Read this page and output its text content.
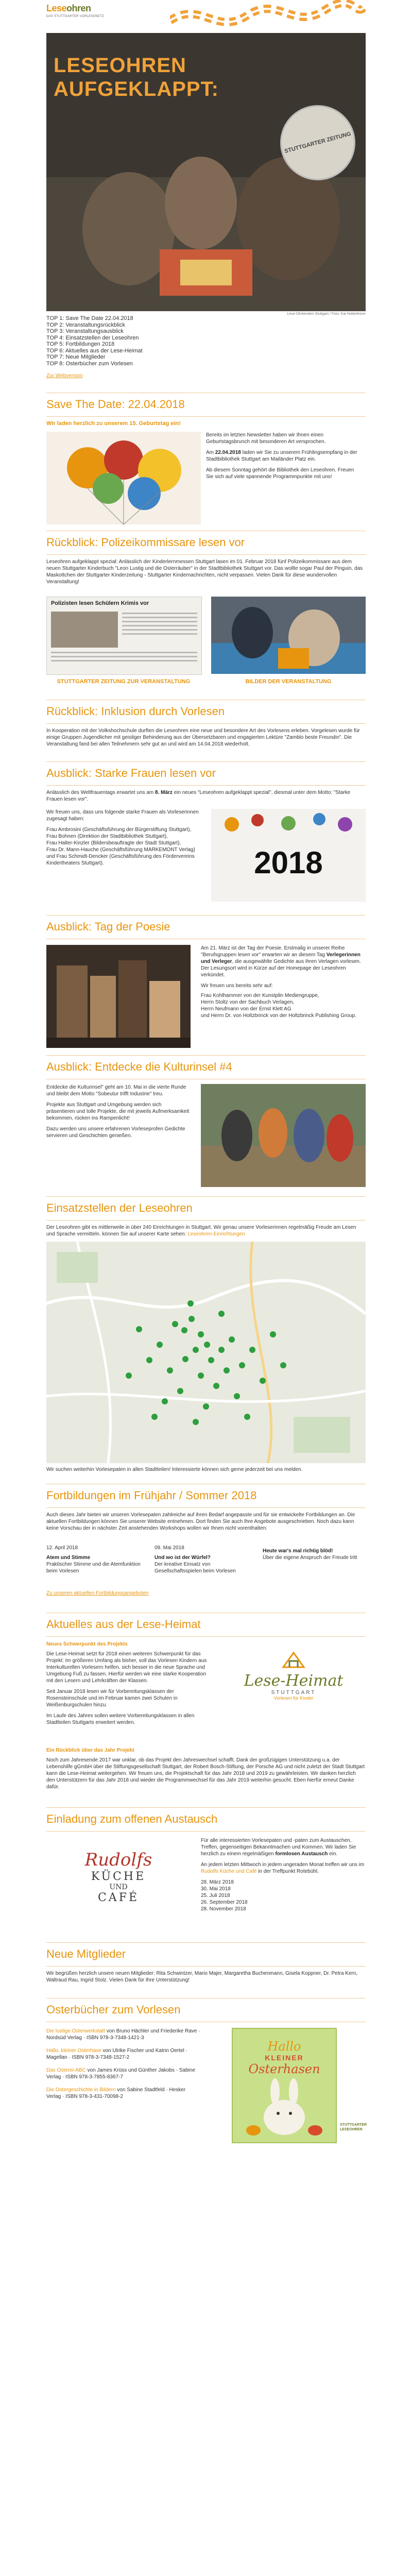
Leseohren
DAS STUTTGARTER VORLESENETZ
LESEOHREN
AUFGEKLAPPT:
STUTTGARTER ZEITUNG
Lese-Ohrkenden Stuttgart / Foto: Kai Hoberleiner
TOP 1: Save The Date 22.04.2018
TOP 2: Veranstaltungsrückblick
TOP 3: Veranstaltungsausblick
TOP 4: Einsatzstellen der Leseohren
TOP 5: Fortbildungen 2018
TOP 6: Aktuelles aus der Lese-Heimat
TOP 7: Neue Mitglieder
TOP 8: Osterbücher zum Vorlesen
Zur Webversion
Save The Date: 22.04.2018
Wir laden herzlich zu unserem 15. Geburtstag ein!

Bereits im letzten Newsletter haben wir Ihnen einen Geburtstagsbrunch mit besonderen Art versprochen.

Am 22.04.2018 laden wir Sie zu unserem Frühlingsempfang in der Stadtbibliothek Stuttgart am Mailänder Platz ein.

Ab diesem Sonntag gehört die Bibliothek den Leseohren. Freuen Sie sich auf viele spannende Programmpunkte mit uns!

Rückblick: Polizeikommissare lesen vor
Leseohren aufgeklappt spezial: Anlässlich der Kinderlernmessen Stuttgart lasen im 01. Februar 2018 fünf Polizeikommissare aus dem neuen Stuttgarter Kinderbuch "Leon Lustig und die Osterräuber" in der Stadtbibliothek Stuttgart vor. Das wollte sogar Paul der Pinguin, das Maskottchen der Stuttgarter Kinderzeitung - Stuttgarter Kindernachrichten, nicht verpassen. Vielen Dank für diese wundervollen Veranstaltung!
Polizisten lesen Schülern Krimis vor
STUTTGARTER ZEITUNG ZUR VERANSTALTUNG	BILDER DER VERANSTALTUNG
Rückblick: Inklusion durch Vorlesen
In Kooperation mit der Volkshochschule durften die Leseohren eine neue und besondere Art des Vorlesens erleben. Vorgelesen wurde für einige Gruppen Jugendlicher mit geistiger Behinderung aus der Übersetzbaren und engagierten Lektüre "Zamblo beste Freundin". Die Veranstaltung fand bei allen Teilnehmern sehr gut an und wird am 14.04.2018 wiederholt.
Ausblick: Starke Frauen lesen vor
Anlässlich des Weltfrauentags erwartet uns am 8. März ein neues "Leseohren aufgeklappt spezial", diesmal unter dem Motto: "Starke Frauen lesen vor".

Wir freuen uns, dass uns folgende starke Frauen als Vorleserinnen zugesagt haben:

Frau Ambrosini (Geschäftsführung der Bürgerstiftung Stuttgart),
Frau Bohnen (Direktion der Stadtbibliothek Stuttgart),
Frau Halter-Kinzler (Bildersbeauftragte der Stadt Stuttgart),
Frau Dr. Mann-Hauche (Geschäftsführung MARKEMONT Verlag)
und Frau Schmidt-Dencker (Geschäftsführung des Fördervereins Kindertheaters Stuttgart).	2018
Ausblick: Tag der Poesie

Am 21. März ist der Tag der Poesie. Erstmalig in unserer Reihe "Berufsgruppen lesen vor" erwarten wir an diesem Tag Verlegerinnen und Verleger, die ausgewählte Gedichte aus ihren Verlagen vorlesen. Der Lesungsort wird in Kürze auf der Homepage der Leseohren verkündet.

Wir freuen uns bereits sehr auf:

Frau Kohlhammer von der Kunstplin Mediengruppe,
Herrn Stoltz von der Sachbuch Verlagen,
Herrn Neufmann von der Ernst Klett AG
und Herrn Dr. von Holtzbrinck von der Holtzbrinck Publishing Group.
Ausblick: Entdecke die Kulturinsel #4

Entdecke die Kulturinsel" geht am 10. Mai in die vierte Runde und bleibt dem Motto "Sobeutur trifft Industrie" treu.

Projekte aus Stuttgart und Umgebung werden sich präsentieren und tolle Projekte, die mit jeweils Aufmerksamkeit bekommen, rücken ins Rampenlicht!

Dazu werden uns unsere erfahrenen Vorleseprofen Gedichte servieren und Geschichten genießen.

Einsatzstellen der Leseohren
Der Leseohren gibt es mittlerweile in über 240 Einrichtungen in Stuttgart. Wir genau unsere Vorleserinnen regelmäßig Freude am Lesen und Sprache vermitteln. können Sie auf unserer Karte sehen: Leseohren-Einrichtungen
Wir suchen weiterhin Vorlesepaten in allen Stadtteilen! Interessierte können sich gerne jederzeit bei uns melden.
Fortbildungen im Frühjahr / Sommer 2018
Auch dieses Jahr bieten wir unseren Vorlesepaten zahlreiche auf ihren Bedarf angepasste und für sie entwickelte Fortbildungen an. Die aktuellen Fortbildungen können Sie unserer Website entnehmen. Dort finden Sie auch Ihre Angebote ausgeschrieben. Noch dazu kann keine Vorschau der in nächster Zeit anstehenden Workshops wollen wir Ihnen nicht vorenthalten:
12. April 2018
Atem und Stimme
Praktischer Stimme und die Atemfunktion beim Vorlesen
09. Mai 2018
Und wo ist der Würfel?
Der kreative Einsatz von Gesellschaftsspielen beim Vorlesen
Heute war's mal richtig blöd!
Über die eigene Anspruch der Freude tritt
Zu unseren aktuellen Fortbildungsangeboten
Aktuelles aus der Lese-Heimat
Neues Schwerpunkt des Projekts

Die Lese-Heimat setzt für 2018 einen weiteren Schwerpunkt für das Projekt: Im größeren Umfang als bisher, soll das Vorlesen Kindern aus Interkulturellen Vorlesern helfen, sich besser in die neue Sprache und Umgebung Fuß zu fassen. Hierfür werden wir eine starke Kooperation mit den Lesern und Lehrkräften der Klassen.

Seit Januar 2018 lesen wir für Vorbereitungsklassen der Rosensteinschule und im Februar kamen zwei Schulen in Weißenburgschulen hinzu.

Im Laufe des Jahres sollen weitere Vorbereitungsklassen in allen Stadtteilen Stuttgarts erweitert werden.

Lese-Heimat
STUTTGART
Vorlesen für Kinder
Ein Rückblick über das Jahr Projekt
Noch zum Jahresende 2017 war unklar, ob das Projekt den Jahreswechsel schafft. Dank der großzügigen Unterstützung u.a. der Lebenshilfe gGmbH über die Stiftungsgesellschaft Stuttgart, der Robert Bosch-Stiftung, der Porsche AG und nicht zuletzt der Stadt Stuttgart kann die Lese-Heimat weitergehen. Wir freuen uns, die Projektschaft für das Jahr 2018 und 2019 zu gewährleisten. Wir danken herzlich den Unterstützern für das Jahr 2018 und wieder die Programmwechsel für das Jahr 2019 weiterhin gesucht. Eben hierfür erneut Danke dafür.
Einladung zum offenen Austausch
Rudolfs
KÜCHE
UND
CAFÉ

Für alle interessierten Vorlesepaten und -paten zum Austauschen, Treffen, gegenseitigen Bekanntmachen und Kommen. Wir laden Sie herzlich zu einem regelmäßigen formlosen Austausch ein.

An jedem letzten Mittwoch in jedem ungeraden Monat treffen wir uns im Rudolfs Küche und Café in der Treffpunkt Rotebühl.

28. März 2018
30. Mai 2018
25. Juli 2018
26. September 2018
28. November 2018
Neue Mitglieder
Wir begrüßen herzlich unsere neuen Mitglieder: Rita Schwintzer, Mario Majer, Margaretha Buchenmann, Gisela Koppner, Dr. Petra Kern, Waltraud Rau, Ingrid Stolz. Vielen Dank für Ihre Unterstützung!
Osterbücher zum Vorlesen

Die lustige Osterwerkstatt von Bruno Hächler und Friederike Rave · Nordsüd Verlag · ISBN 978-3-7348-1421-3

Hallo, kleiner Osterhase von Ulrike Fischer und Katrin Oertel · Magellan · ISBN 978-3-7348-1527-2

Das Osterei-ABC von James Krüss und Günther Jakobs · Sabine Verlag · ISBN 978-3-7855-8367-7

Die Ostergeschichte in Bildern von Sabine Stadtfeld · Hesker Verlag · ISBN 978-3-431-70098-2

Hallo
KLEINER
Osterhasen
STUTTGARTER LESEOHREN
